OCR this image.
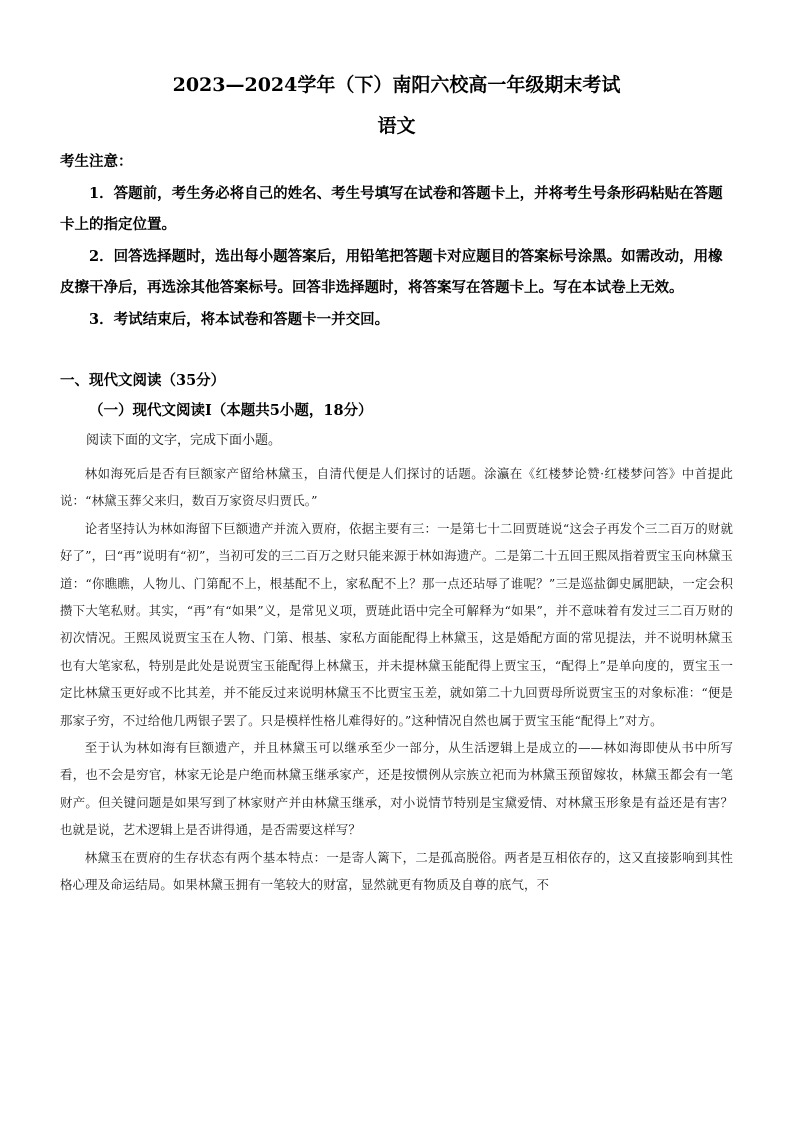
2023—2024学年（下）南阳六校高一年级期末考试
语文

考生注意：

1．答题前，考生务必将自己的姓名、考生号填写在试卷和答题卡上，并将考生号条形码粘贴在答题卡上的指定位置。

2．回答选择题时，选出每小题答案后，用铅笔把答题卡对应题目的答案标号涂黑。如需改动，用橡皮擦干净后，再选涂其他答案标号。回答非选择题时，将答案写在答题卡上。写在本试卷上无效。

3．考试结束后，将本试卷和答题卡一并交回。

一、现代文阅读（35分）

（一）现代文阅读Ⅰ（本题共5小题，18分）

阅读下面的文字，完成下面小题。

林如海死后是否有巨额家产留给林黛玉，自清代便是人们探讨的话题。涂瀛在《红楼梦论赞·红楼梦问答》中首提此说：“林黛玉葬父来归，数百万家资尽归贾氏。”

论者坚持认为林如海留下巨额遗产并流入贾府，依据主要有三：一是第七十二回贾琏说“这会子再发个三二百万的财就好了”，曰“再”说明有“初”，当初可发的三二百万之财只能来源于林如海遗产。二是第二十五回王熙凤指着贾宝玉向林黛玉道：“你瞧瞧，人物儿、门第配不上，根基配不上，家私配不上？那一点还玷辱了谁呢？”三是巡盐御史属肥缺，一定会积攒下大笔私财。其实，“再”有“如果”义，是常见义项，贾琏此语中完全可解释为“如果”，并不意味着有发过三二百万财的初次情况。王熙凤说贾宝玉在人物、门第、根基、家私方面能配得上林黛玉，这是婚配方面的常见提法，并不说明林黛玉也有大笔家私，特别是此处是说贾宝玉能配得上林黛玉，并未提林黛玉能配得上贾宝玉，“配得上”是单向度的，贾宝玉一定比林黛玉更好或不比其差，并不能反过来说明林黛玉不比贾宝玉差，就如第二十九回贾母所说贾宝玉的对象标准：“便是那家子穷，不过给他几两银子罢了。只是模样性格儿难得好的。”这种情况自然也属于贾宝玉能“配得上”对方。

至于认为林如海有巨额遗产，并且林黛玉可以继承至少一部分，从生活逻辑上是成立的——林如海即使从书中所写看，也不会是穷官，林家无论是户绝而林黛玉继承家产，还是按惯例从宗族立祀而为林黛玉预留嫁妆，林黛玉都会有一笔财产。但关键问题是如果写到了林家财产并由林黛玉继承，对小说情节特别是宝黛爱情、对林黛玉形象是有益还是有害？也就是说，艺术逻辑上是否讲得通，是否需要这样写？

林黛玉在贾府的生存状态有两个基本特点：一是寄人篱下，二是孤高脱俗。两者是互相依存的，这又直接影响到其性格心理及命运结局。如果林黛玉拥有一笔较大的财富，显然就更有物质及自尊的底气，不
